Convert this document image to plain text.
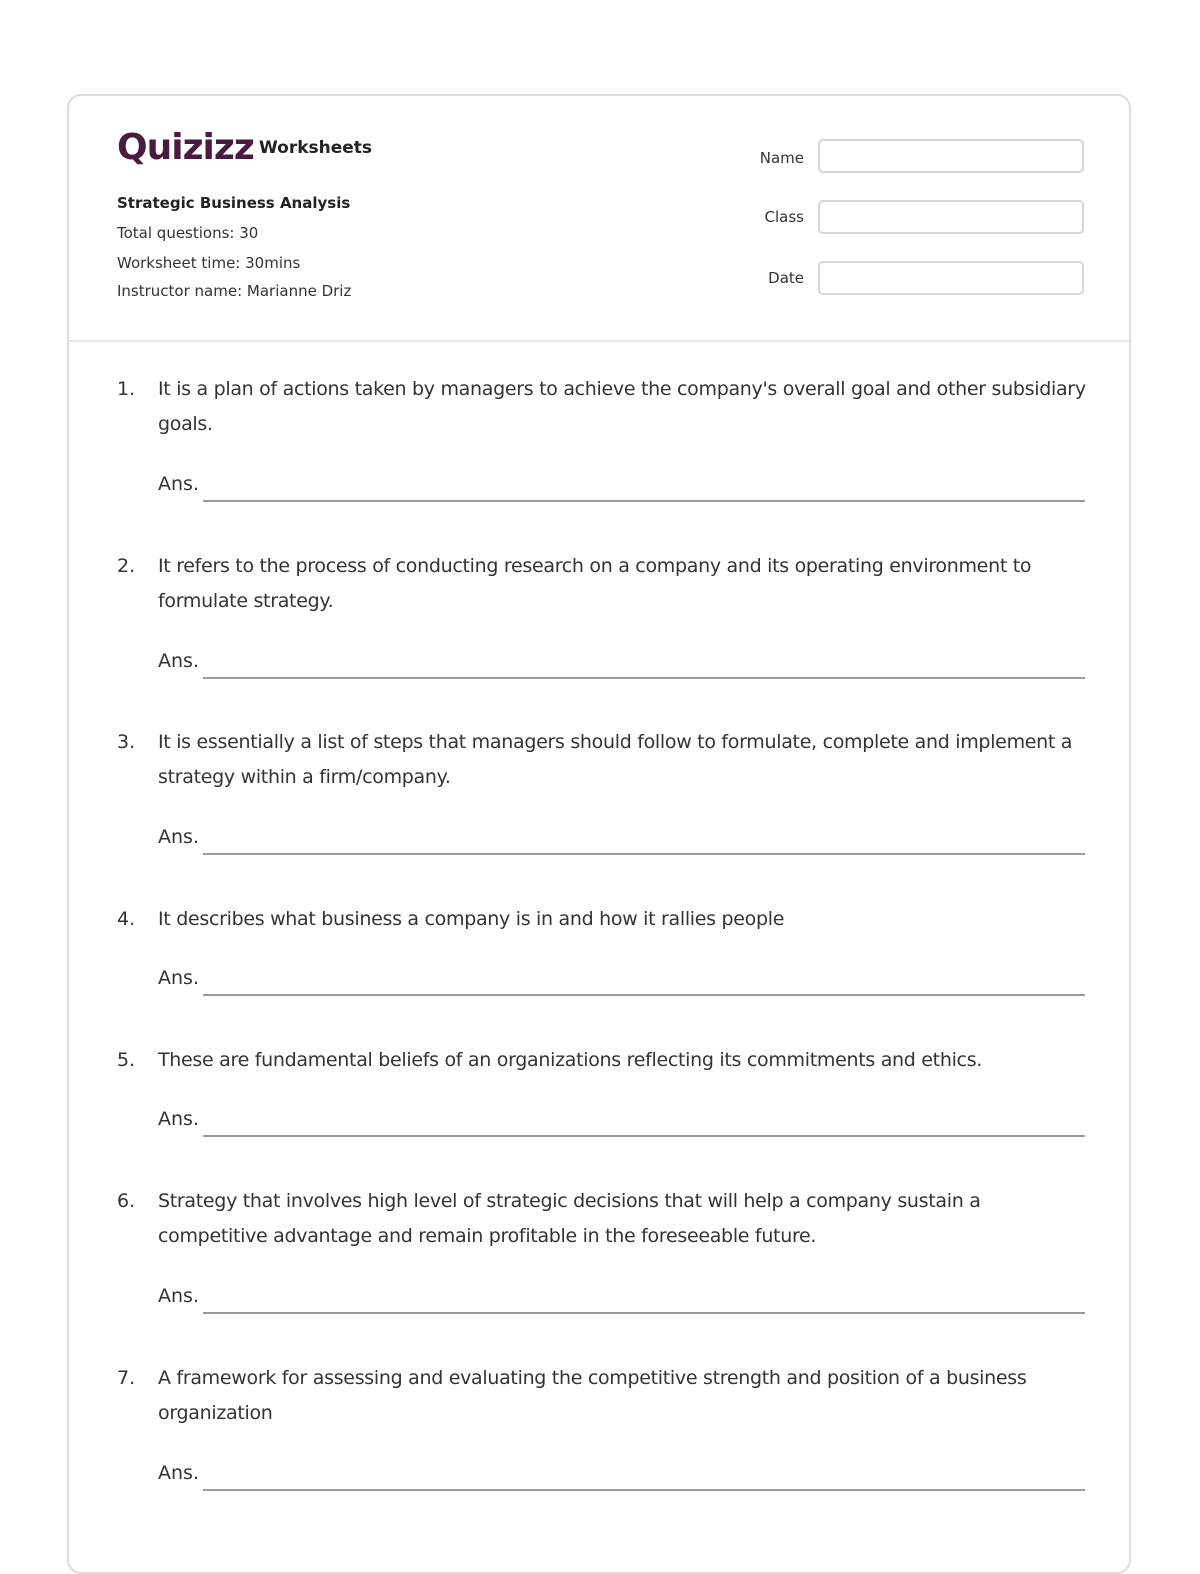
Quizizz Worksheets
Strategic Business Analysis
Total questions: 30
Worksheet time: 30mins
Instructor name: Marianne Driz
Name
Class
Date
1. It is a plan of actions taken by managers to achieve the company's overall goal and other subsidiary goals.
Ans.
2. It refers to the process of conducting research on a company and its operating environment to formulate strategy.
Ans.
3. It is essentially a list of steps that managers should follow to formulate, complete and implement a strategy within a firm/company.
Ans.
4. It describes what business a company is in and how it rallies people
Ans.
5. These are fundamental beliefs of an organizations reflecting its commitments and ethics.
Ans.
6. Strategy that involves high level of strategic decisions that will help a company sustain a competitive advantage and remain profitable in the foreseeable future.
Ans.
7. A framework for assessing and evaluating the competitive strength and position of a business organization
Ans.
